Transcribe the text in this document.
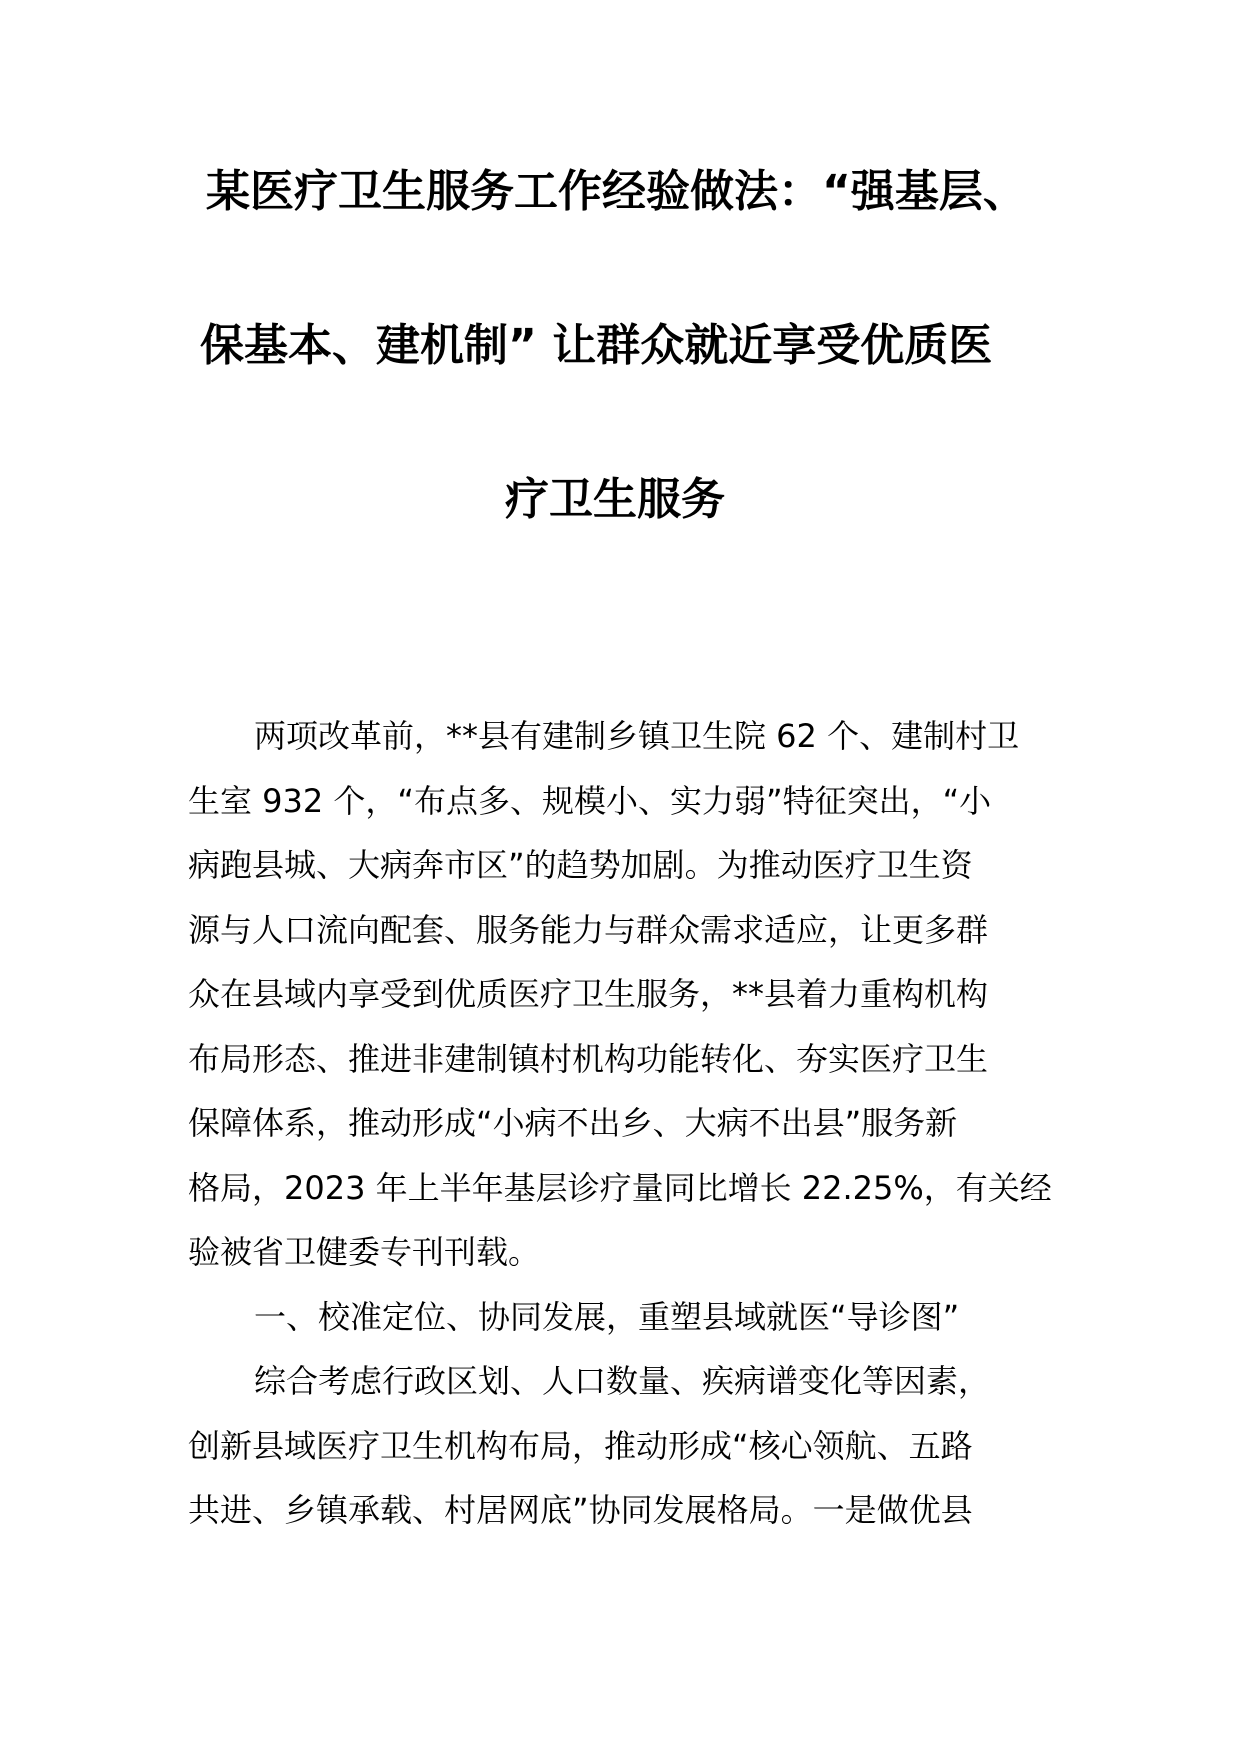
某医疗卫生服务工作经验做法：“强基层、
保基本、建机制” 让群众就近享受优质医
疗卫生服务
两项改革前，**县有建制乡镇卫生院 62 个、建制村卫
生室 932 个，“布点多、规模小、实力弱”特征突出，“小
病跑县城、大病奔市区”的趋势加剧。为推动医疗卫生资
源与人口流向配套、服务能力与群众需求适应，让更多群
众在县域内享受到优质医疗卫生服务，**县着力重构机构
布局形态、推进非建制镇村机构功能转化、夯实医疗卫生
保障体系，推动形成“小病不出乡、大病不出县”服务新
格局，2023 年上半年基层诊疗量同比增长 22.25%，有关经
验被省卫健委专刊刊载。
一、校准定位、协同发展，重塑县域就医“导诊图”
综合考虑行政区划、人口数量、疾病谱变化等因素，
创新县域医疗卫生机构布局，推动形成“核心领航、五路
共进、乡镇承载、村居网底”协同发展格局。一是做优县
